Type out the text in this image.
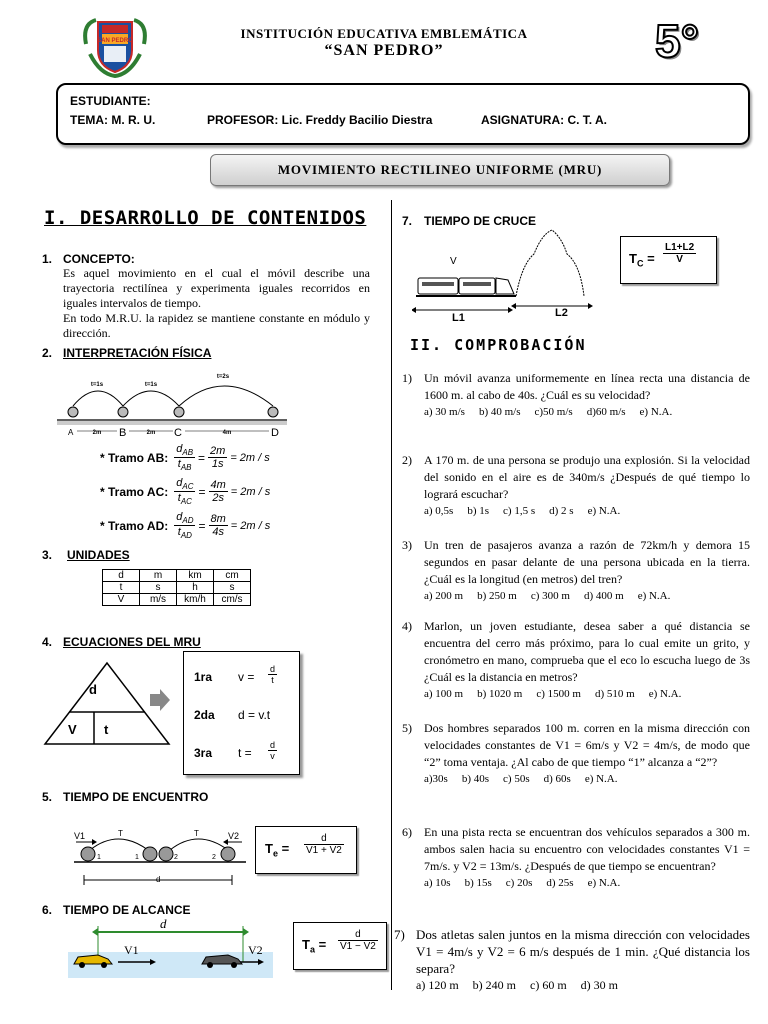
SAN PEDRO	INSTITUCIÓN EDUCATIVA EMBLEMÁTICA
“SAN PEDRO”	5°
ESTUDIANTE:
TEMA: M. R. U.	PROFESOR: Lic. Freddy Bacilio Diestra	ASIGNATURA: C. T. A.
MOVIMIENTO RECTILINEO UNIFORME (MRU)
I. DESARROLLO DE CONTENIDOS
1. CONCEPTO:
Es aquel movimiento en el cual el móvil describe una trayectoria rectilínea y experimenta iguales recorridos en iguales intervalos de tiempo.
En todo M.R.U. la rapidez se mantiene constante en módulo y dirección.
2. INTERPRETACIÓN FÍSICA
t=1s	t=1s
t=2s
A	B	C	D
2m	2m	4m
* Tramo AB: $\frac{d_{AB}}{t_{AB}} = \frac{2m}{1s} = 2m / s$
* Tramo AC: $\frac{d_{AC}}{t_{AC}} = \frac{4m}{2s} = 2m / s$
* Tramo AD: $\frac{d_{AD}}{t_{AD}} = \frac{8m}{4s} = 2m / s$
3. UNIDADES
d	m	km	cm
t	s	h	s
V	m/s	km/h	cm/s
4. ECUACIONES DEL MRU
d
V t
1ra $v = \frac{d}{t}$
2da d = v.t
3ra $t = \frac{d}{v}$
5. TIEMPO DE ENCUENTRO
V1	V2
T	T
1	1	2	2
d
$T_e = \frac{d}{V1 + V2}$
6. TIEMPO DE ALCANCE
d
V1	V2	$T_a = \frac{d}{V1 - V2}$
7. TIEMPO DE CRUCE
V
L1	L2
$T_C = \frac{L1+L2}{V}$
II. COMPROBACIÓN
1) Un móvil avanza uniformemente en línea recta una distancia de 1600 m. al cabo de 40s. ¿Cuál es su velocidad?
a) 30 m/s b) 40 m/s c)50 m/s d)60 m/s e) N.A.
2) A 170 m. de una persona se produjo una explosión. Si la velocidad del sonido en el aire es de 340m/s ¿Después de qué tiempo lo logrará escuchar?
a) 0,5s b) 1s c) 1,5 s d) 2 s e) N.A.
3) Un tren de pasajeros avanza a razón de 72km/h y demora 15 segundos en pasar delante de una persona ubicada en la tierra. ¿Cuál es la longitud (en metros) del tren?
a) 200 m b) 250 m c) 300 m d) 400 m e) N.A.
4) Marlon, un joven estudiante, desea saber a qué distancia se encuentra del cerro más próximo, para lo cual emite un grito, y cronómetro en mano, comprueba que el eco lo escucha luego de 3s ¿Cuál es la distancia en metros?
a) 100 m b) 1020 m c) 1500 m d) 510 m e) N.A.
5) Dos hombres separados 100 m. corren en la misma dirección con velocidades constantes de V1 = 6m/s y V2 = 4m/s, de modo que “2” toma ventaja. ¿Al cabo de que tiempo “1” alcanza a “2”?
a)30s b) 40s c) 50s d) 60s e) N.A.
6) En una pista recta se encuentran dos vehículos separados a 300 m. ambos salen hacia su encuentro con velocidades constantes V1 = 7m/s. y V2 = 13m/s. ¿Después de que tiempo se encuentran?
a) 10s b) 15s c) 20s d) 25s e) N.A.
7) Dos atletas salen juntos en la misma dirección con velocidades V1 = 4m/s y V2 = 6 m/s después de 1 min. ¿Qué distancia los separa?
a) 120 m b) 240 m c) 60 m d) 30 m
